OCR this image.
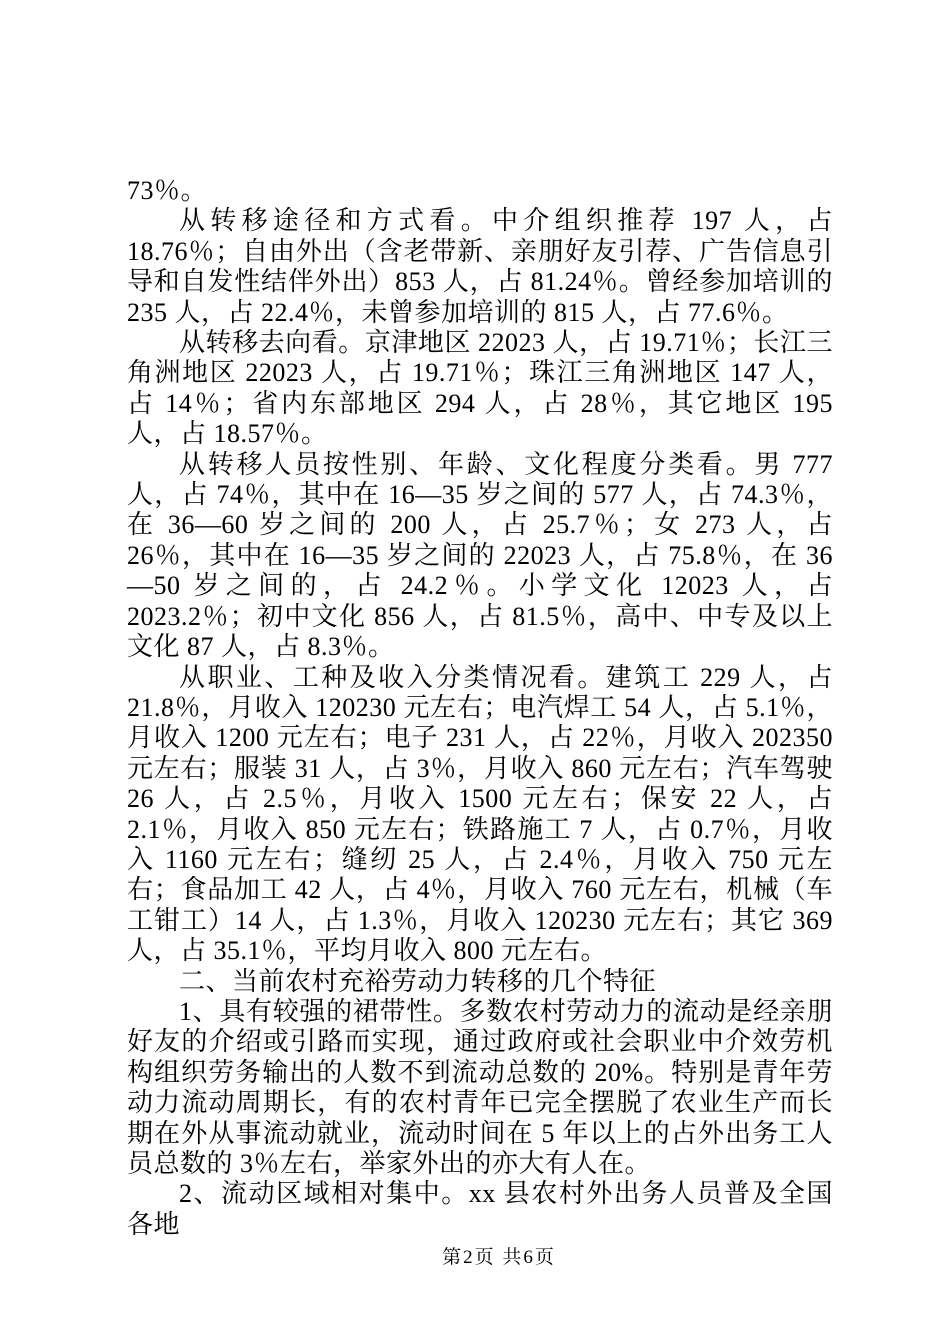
73％。

从转移途径和方式看。中介组织推荐 197 人，占 18.76％；自由外出（含老带新、亲朋好友引荐、广告信息引导和自发性结伴外出）853 人，占 81.24％。曾经参加培训的 235 人，占 22.4％，未曾参加培训的 815 人，占 77.6％。

从转移去向看。京津地区 22023 人，占 19.71％；长江三角洲地区 22023 人，占 19.71％；珠江三角洲地区 147 人，占 14％；省内东部地区 294 人，占 28％，其它地区 195 人，占 18.57％。

从转移人员按性别、年龄、文化程度分类看。男 777 人，占 74％，其中在 16—35 岁之间的 577 人，占 74.3％，在 36—60 岁之间的 200 人，占 25.7％；女 273 人，占 26％，其中在 16—35 岁之间的 22023 人，占 75.8％，在 36—50 岁之间的，占 24.2％。小学文化 12023 人，占 2023.2％；初中文化 856 人，占 81.5％，高中、中专及以上文化 87 人，占 8.3％。

从职业、工种及收入分类情况看。建筑工 229 人，占 21.8％，月收入 120230 元左右；电汽焊工 54 人，占 5.1％，月收入 1200 元左右；电子 231 人，占 22％，月收入 202350 元左右；服装 31 人，占 3％，月收入 860 元左右；汽车驾驶 26 人，占 2.5％，月收入 1500 元左右；保安 22 人，占 2.1％，月收入 850 元左右；铁路施工 7 人，占 0.7％，月收入 1160 元左右；缝纫 25 人，占 2.4％，月收入 750 元左右；食品加工 42 人，占 4％，月收入 760 元左右，机械（车工钳工）14 人，占 1.3％，月收入 120230 元左右；其它 369 人，占 35.1％，平均月收入 800 元左右。

二、当前农村充裕劳动力转移的几个特征

1、具有较强的裙带性。多数农村劳动力的流动是经亲朋好友的介绍或引路而实现，通过政府或社会职业中介效劳机构组织劳务输出的人数不到流动总数的 20%。特别是青年劳动力流动周期长，有的农村青年已完全摆脱了农业生产而长期在外从事流动就业，流动时间在 5 年以上的占外出务工人员总数的 3％左右，举家外出的亦大有人在。

2、流动区域相对集中。xx 县农村外出务人员普及全国各地

第2页 共6页
